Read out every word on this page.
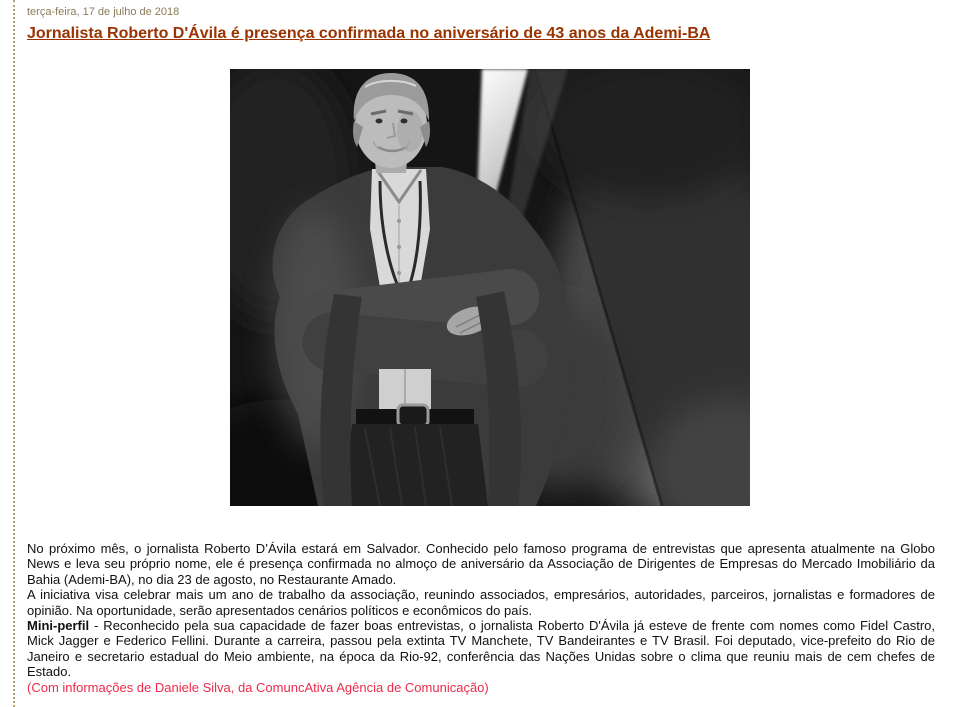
terça-feira, 17 de julho de 2018
Jornalista Roberto D'Ávila é presença confirmada no aniversário de 43 anos da Ademi-BA

No próximo mês, o jornalista Roberto D’Ávila estará em Salvador. Conhecido pelo famoso programa de entrevistas que apresenta atualmente na Globo News e leva seu próprio nome, ele é presença confirmada no almoço de aniversário da Associação de Dirigentes de Empresas do Mercado Imobiliário da Bahia (Ademi-BA), no dia 23 de agosto, no Restaurante Amado.

A iniciativa visa celebrar mais um ano de trabalho da associação, reunindo associados, empresários, autoridades, parceiros, jornalistas e formadores de opinião. Na oportunidade, serão apresentados cenários políticos e econômicos do país.

Mini-perfil - Reconhecido pela sua capacidade de fazer boas entrevistas, o jornalista Roberto D'Ávila já esteve de frente com nomes como Fidel Castro, Mick Jagger e Federico Fellini. Durante a carreira, passou pela extinta TV Manchete, TV Bandeirantes e TV Brasil. Foi deputado, vice-prefeito do Rio de Janeiro e secretario estadual do Meio ambiente, na época da Rio-92, conferência das Nações Unidas sobre o clima que reuniu mais de cem chefes de Estado.

(Com informações de Daniele Silva, da ComuncAtiva Agência de Comunicação)
